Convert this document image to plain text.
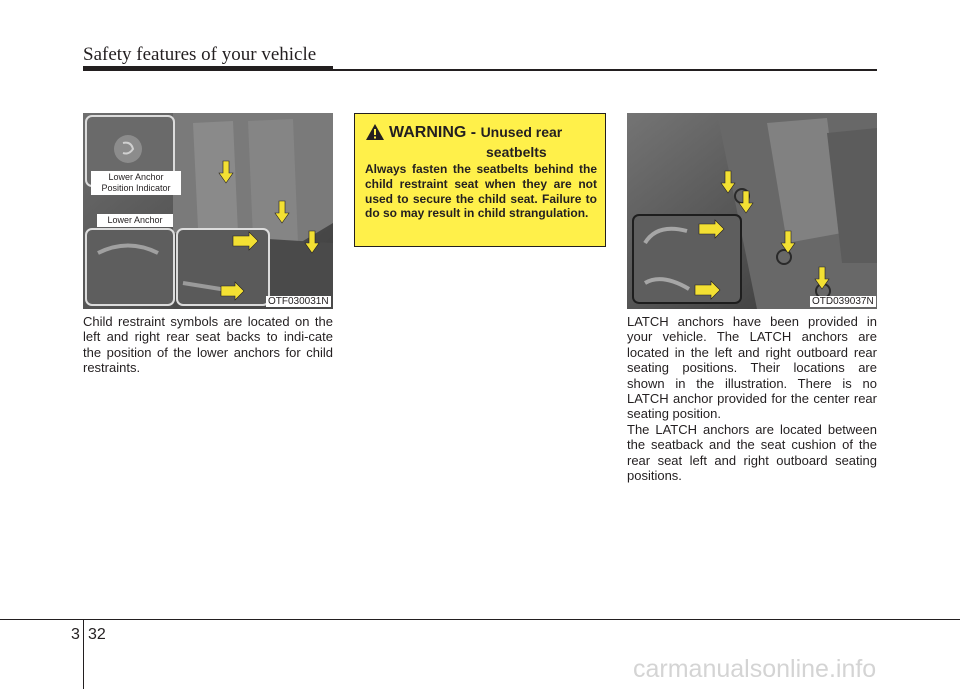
Safety features of your vehicle
Lower Anchor
Position Indicator
Lower Anchor
OTF030031N

Child restraint symbols are located on the left and right rear seat backs to indi-cate the position of the lower anchors for child restraints.

WARNING - Unused rear
seatbelts

Always fasten the seatbelts behind the child restraint seat when they are not used to secure the child seat. Failure to do so may result in child strangulation.

OTD039037N

LATCH anchors have been provided in your vehicle. The LATCH anchors are located in the left and right outboard rear seating positions. Their locations are shown in the illustration. There is no LATCH anchor provided for the center rear seating position.

The LATCH anchors are located between the seatback and the seat cushion of the rear seat left and right outboard seating positions.

3 32
carmanualsonline.info
